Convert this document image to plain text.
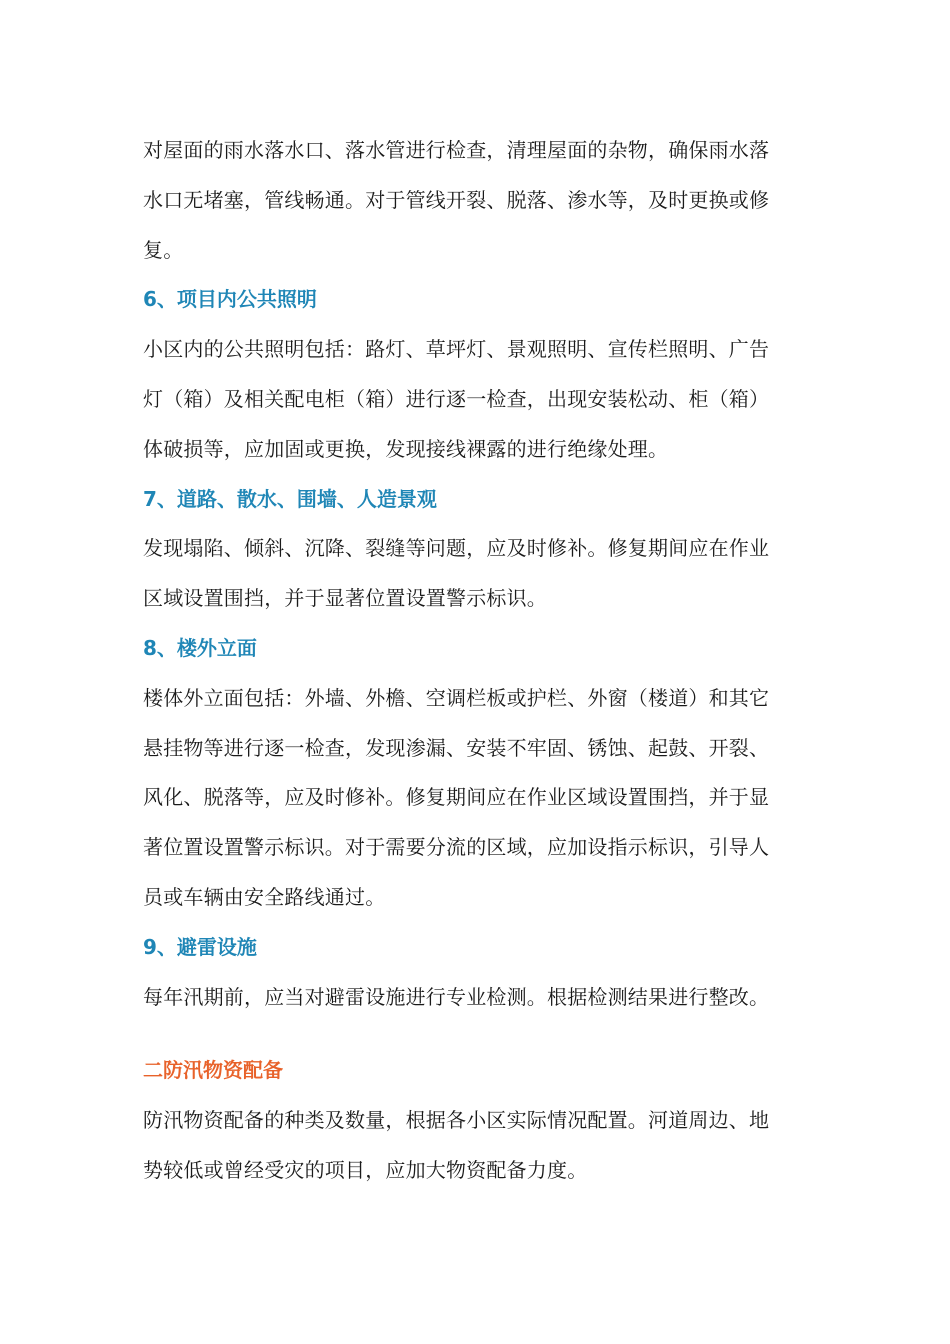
对屋面的雨水落水口、落水管进行检查，清理屋面的杂物，确保雨水落
水口无堵塞，管线畅通。对于管线开裂、脱落、渗水等，及时更换或修
复。
6、项目内公共照明
小区内的公共照明包括：路灯、草坪灯、景观照明、宣传栏照明、广告
灯（箱）及相关配电柜（箱）进行逐一检查，出现安装松动、柜（箱）
体破损等，应加固或更换，发现接线裸露的进行绝缘处理。
7、道路、散水、围墙、人造景观
发现塌陷、倾斜、沉降、裂缝等问题，应及时修补。修复期间应在作业
区域设置围挡，并于显著位置设置警示标识。
8、楼外立面
楼体外立面包括：外墙、外檐、空调栏板或护栏、外窗（楼道）和其它
悬挂物等进行逐一检查，发现渗漏、安装不牢固、锈蚀、起鼓、开裂、
风化、脱落等，应及时修补。修复期间应在作业区域设置围挡，并于显
著位置设置警示标识。对于需要分流的区域，应加设指示标识，引导人
员或车辆由安全路线通过。
9、避雷设施
每年汛期前，应当对避雷设施进行专业检测。根据检测结果进行整改。
二防汛物资配备
防汛物资配备的种类及数量，根据各小区实际情况配置。河道周边、地
势较低或曾经受灾的项目，应加大物资配备力度。
